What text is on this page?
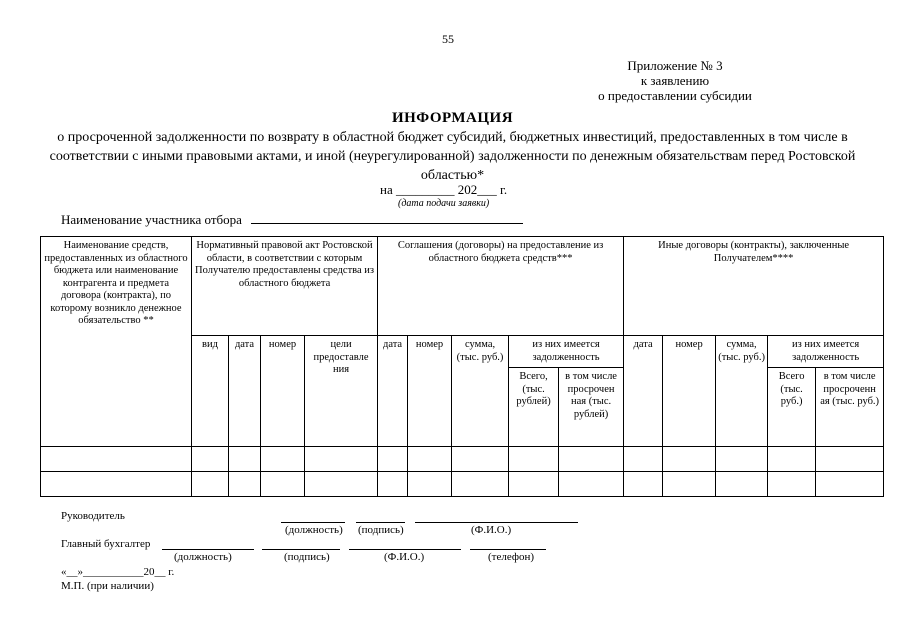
55
Приложение № 3
к заявлению
о предоставлении субсидии
ИНФОРМАЦИЯ
о просроченной задолженности по возврату в областной бюджет субсидий, бюджетных инвестиций, предоставленных в том числе в соответствии с иными правовыми актами, и иной (неурегулированной) задолженности по денежным обязательствам перед Ростовской областью*
на _________ 202___ г.
(дата подачи заявки)
Наименование участника отбора
Наименование средств, предоставленных из областного бюджета или наименование контрагента и предмета договора (контракта), по которому возникло денежное обязательство **	Нормативный правовой акт Ростовской области, в соответствии с которым Получателю предоставлены средства из областного бюджета				Соглашения (договоры) на предоставление из областного бюджета средств***					Иные договоры (контракты), заключенные Получателем****				
	вид	дата	номер	цели предоставле ния	дата	номер	сумма, (тыс. руб.)	из них имеется задолженность		дата	номер	сумма, (тыс. руб.)	из них имеется задолженность	
								Всего, (тыс. рублей)	в том числе просрочен ная (тыс. рублей)				Всего (тыс. руб.)	в том числе просроченн ая (тыс. руб.)

Руководитель
(должность) (подпись)	(Ф.И.О.)
Главный бухгалтер
(должность)	(подпись)	(Ф.И.О.)	(телефон)
«__»___________20__ г.
М.П. (при наличии)
